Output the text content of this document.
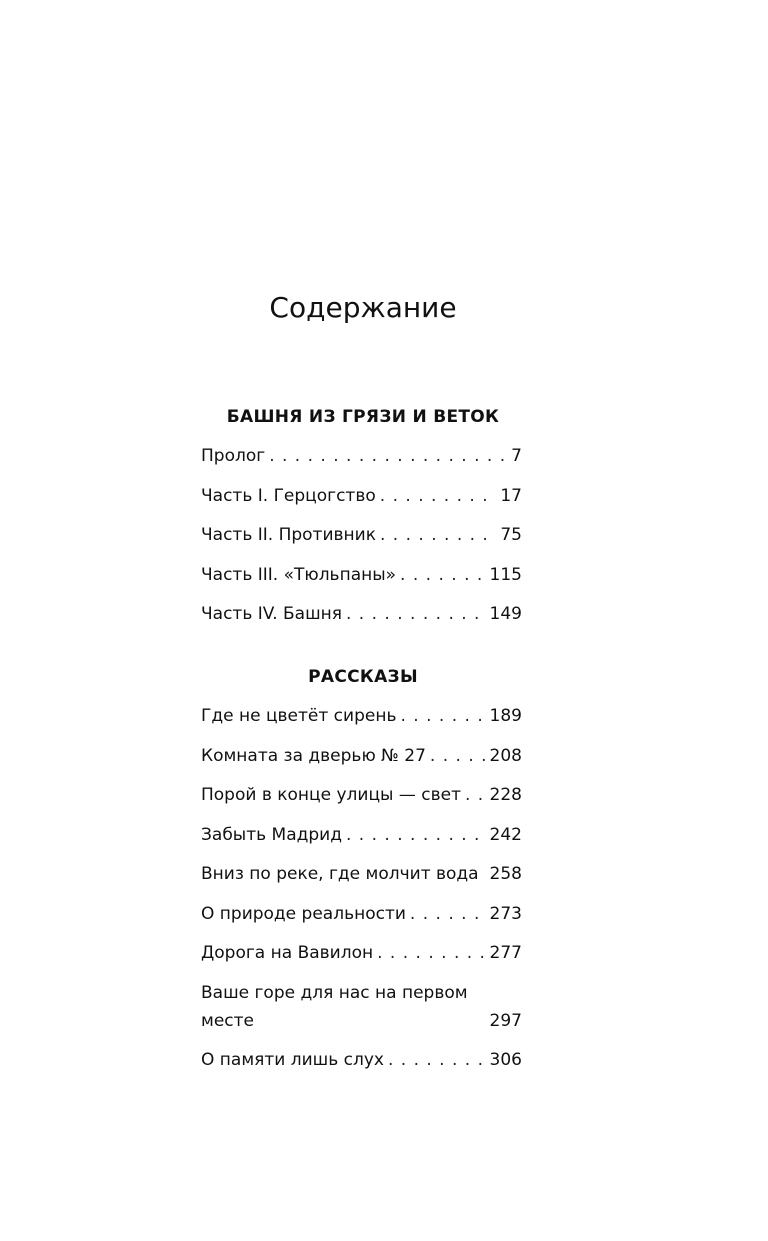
Содержание
БАШНЯ ИЗ ГРЯЗИ И ВЕТОК
Пролог . . .	7
Часть I. Герцогство . . .	17
Часть II. Противник . . .	75
Часть III. «Тюльпаны» . . .	115
Часть IV. Башня . . .	149
РАССКАЗЫ
Где не цветёт сирень . . .	189
Комната за дверью № 27 . . .	208
Порой в конце улицы — свет . . . 228
Забыть Мадрид . . .	242
Вниз по реке, где молчит вода 258
О природе реальности . . .	273
Дорога на Вавилон . . .	277
Ваше горе для нас на первом
месте	297
О памяти лишь слух . . .	306
